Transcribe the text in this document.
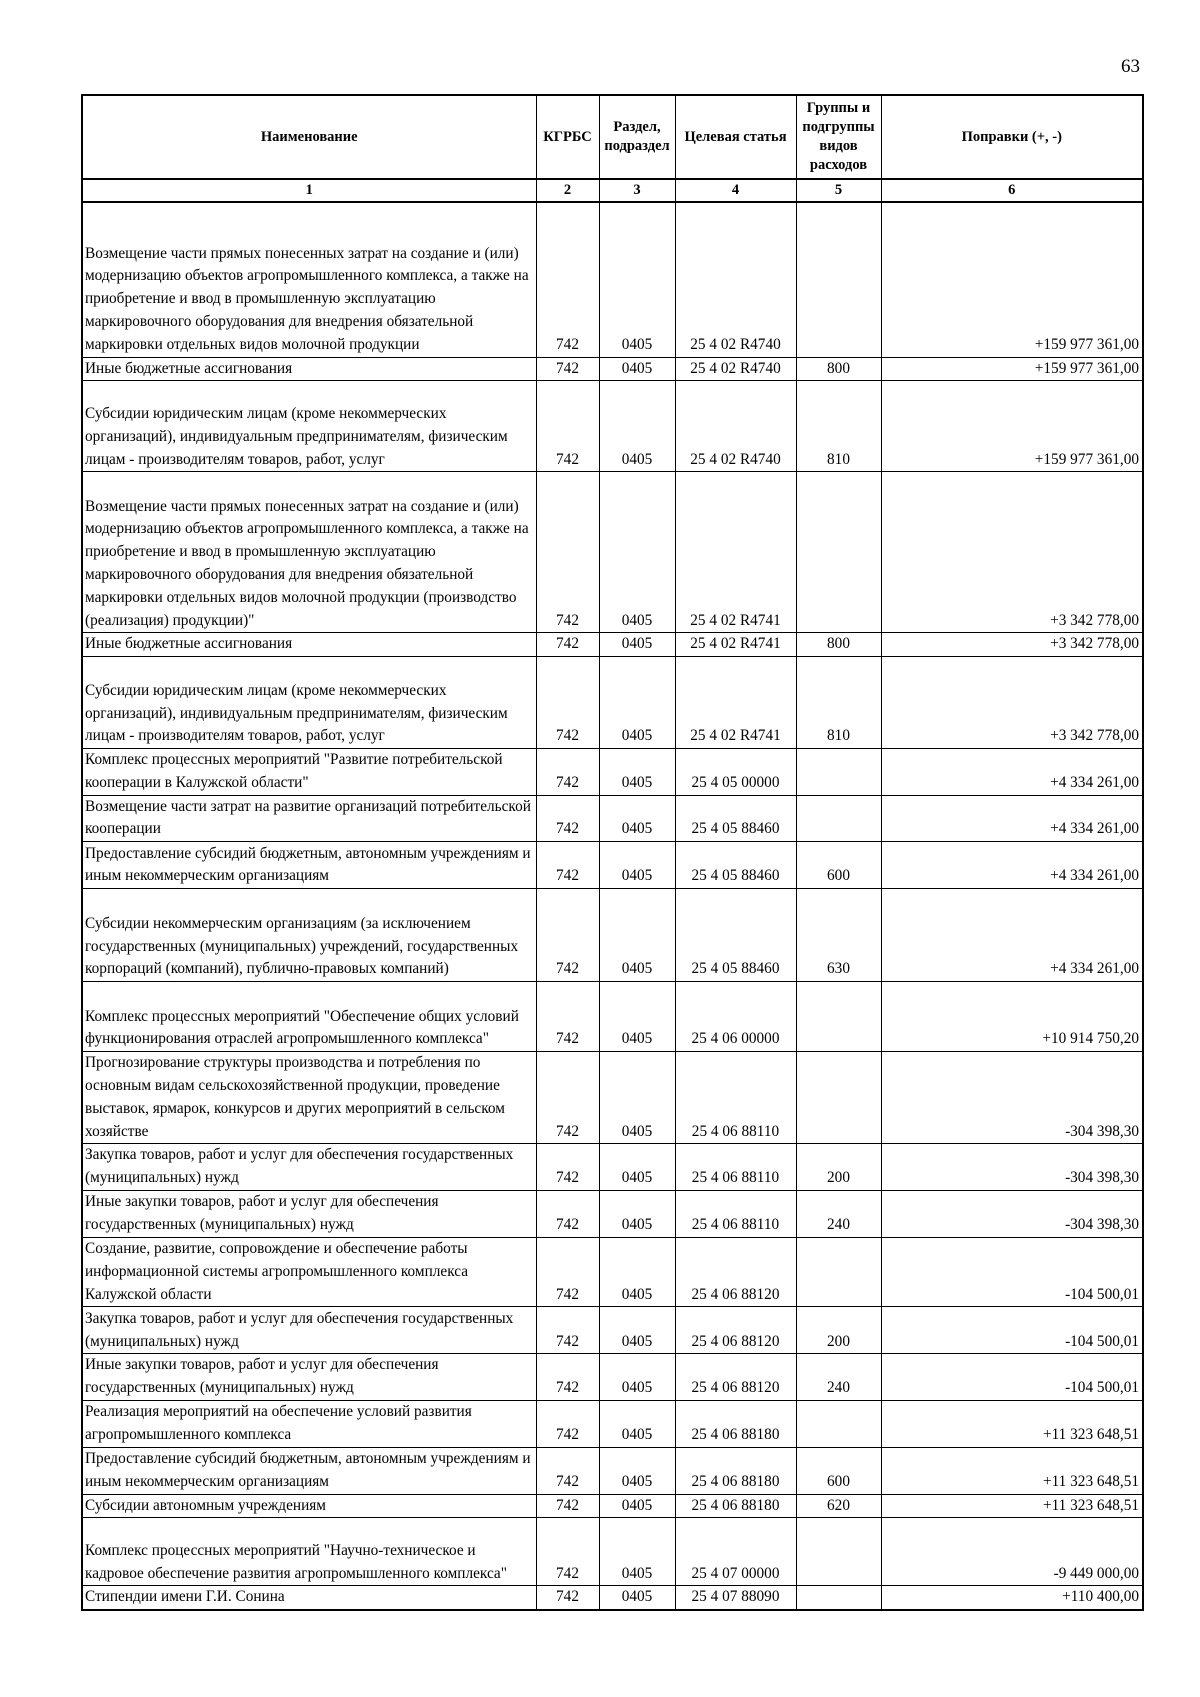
63
Наименование	КГРБС	Раздел, подраздел	Целевая статья	Группы и подгруппы видов расходов	Поправки (+, -)
1	2	3	4	5	6
Возмещение части прямых понесенных затрат на создание и (или) модернизацию объектов агропромышленного комплекса, а также на приобретение и ввод в промышленную эксплуатацию маркировочного оборудования для внедрения обязательной маркировки отдельных видов молочной продукции	742	0405	25 4 02 R4740		+159 977 361,00
Иные бюджетные ассигнования	742	0405	25 4 02 R4740	800	+159 977 361,00
Субсидии юридическим лицам (кроме некоммерческих организаций), индивидуальным предпринимателям, физическим лицам - производителям товаров, работ, услуг	742	0405	25 4 02 R4740	810	+159 977 361,00
Возмещение части прямых понесенных затрат на создание и (или) модернизацию объектов агропромышленного комплекса, а также на приобретение и ввод в промышленную эксплуатацию маркировочного оборудования для внедрения обязательной маркировки отдельных видов молочной продукции (производство (реализация) продукции)"	742	0405	25 4 02 R4741		+3 342 778,00
Иные бюджетные ассигнования	742	0405	25 4 02 R4741	800	+3 342 778,00
Субсидии юридическим лицам (кроме некоммерческих организаций), индивидуальным предпринимателям, физическим лицам - производителям товаров, работ, услуг	742	0405	25 4 02 R4741	810	+3 342 778,00
Комплекс процессных мероприятий "Развитие потребительской кооперации в Калужской области"	742	0405	25 4 05 00000		+4 334 261,00
Возмещение части затрат на развитие организаций потребительской кооперации	742	0405	25 4 05 88460		+4 334 261,00
Предоставление субсидий бюджетным, автономным учреждениям и иным некоммерческим организациям	742	0405	25 4 05 88460	600	+4 334 261,00
Субсидии некоммерческим организациям (за исключением государственных (муниципальных) учреждений, государственных корпораций (компаний), публично-правовых компаний)	742	0405	25 4 05 88460	630	+4 334 261,00
Комплекс процессных мероприятий "Обеспечение общих условий функционирования отраслей агропромышленного комплекса"	742	0405	25 4 06 00000		+10 914 750,20
Прогнозирование структуры производства и потребления по основным видам сельскохозяйственной продукции, проведение выставок, ярмарок, конкурсов и других мероприятий в сельском хозяйстве	742	0405	25 4 06 88110		-304 398,30
Закупка товаров, работ и услуг для обеспечения государственных (муниципальных) нужд	742	0405	25 4 06 88110	200	-304 398,30
Иные закупки товаров, работ и услуг для обеспечения государственных (муниципальных) нужд	742	0405	25 4 06 88110	240	-304 398,30
Создание, развитие, сопровождение и обеспечение работы информационной системы агропромышленного комплекса Калужской области	742	0405	25 4 06 88120		-104 500,01
Закупка товаров, работ и услуг для обеспечения государственных (муниципальных) нужд	742	0405	25 4 06 88120	200	-104 500,01
Иные закупки товаров, работ и услуг для обеспечения государственных (муниципальных) нужд	742	0405	25 4 06 88120	240	-104 500,01
Реализация мероприятий на обеспечение условий развития агропромышленного комплекса	742	0405	25 4 06 88180		+11 323 648,51
Предоставление субсидий бюджетным, автономным учреждениям и иным некоммерческим организациям	742	0405	25 4 06 88180	600	+11 323 648,51
Субсидии автономным учреждениям	742	0405	25 4 06 88180	620	+11 323 648,51
Комплекс процессных мероприятий "Научно-техническое и кадровое обеспечение развития агропромышленного комплекса"	742	0405	25 4 07 00000		-9 449 000,00
Стипендии имени Г.И. Сонина	742	0405	25 4 07 88090		+110 400,00
